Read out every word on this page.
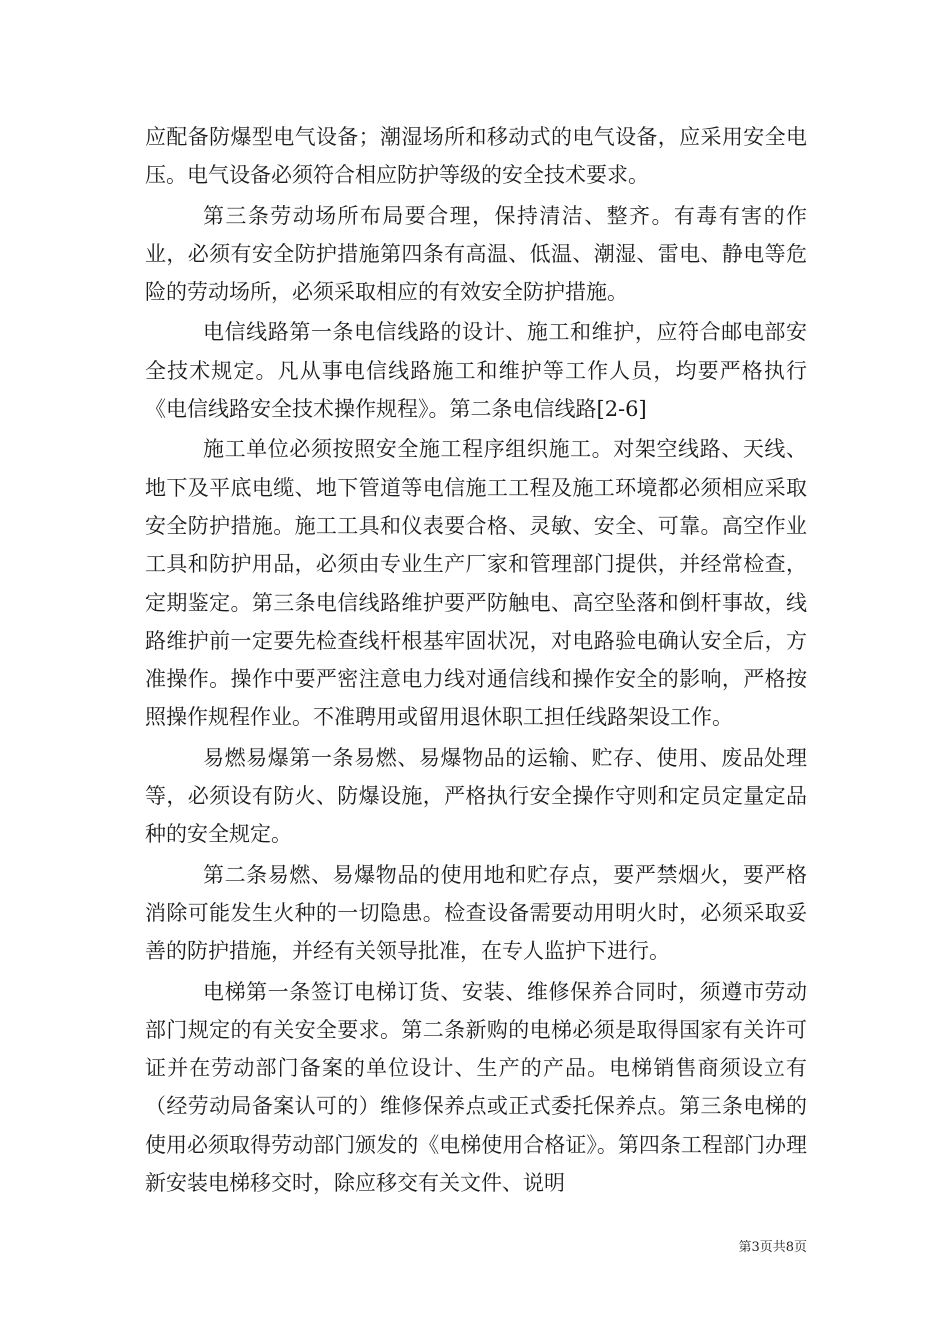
应配备防爆型电气设备；潮湿场所和移动式的电气设备，应采用安全电压。电气设备必须符合相应防护等级的安全技术要求。

第三条劳动场所布局要合理，保持清洁、整齐。有毒有害的作业，必须有安全防护措施第四条有高温、低温、潮湿、雷电、静电等危险的劳动场所，必须采取相应的有效安全防护措施。

电信线路第一条电信线路的设计、施工和维护，应符合邮电部安全技术规定。凡从事电信线路施工和维护等工作人员，均要严格执行《电信线路安全技术操作规程》。第二条电信线路[2-6]

施工单位必须按照安全施工程序组织施工。对架空线路、天线、地下及平底电缆、地下管道等电信施工工程及施工环境都必须相应采取安全防护措施。施工工具和仪表要合格、灵敏、安全、可靠。高空作业工具和防护用品，必须由专业生产厂家和管理部门提供，并经常检查，定期鉴定。第三条电信线路维护要严防触电、高空坠落和倒杆事故，线路维护前一定要先检查线杆根基牢固状况，对电路验电确认安全后，方准操作。操作中要严密注意电力线对通信线和操作安全的影响，严格按照操作规程作业。不准聘用或留用退休职工担任线路架设工作。

易燃易爆第一条易燃、易爆物品的运输、贮存、使用、废品处理等，必须设有防火、防爆设施，严格执行安全操作守则和定员定量定品种的安全规定。

第二条易燃、易爆物品的使用地和贮存点，要严禁烟火，要严格消除可能发生火种的一切隐患。检查设备需要动用明火时，必须采取妥善的防护措施，并经有关领导批准，在专人监护下进行。

电梯第一条签订电梯订货、安装、维修保养合同时，须遵市劳动部门规定的有关安全要求。第二条新购的电梯必须是取得国家有关许可证并在劳动部门备案的单位设计、生产的产品。电梯销售商须设立有（经劳动局备案认可的）维修保养点或正式委托保养点。第三条电梯的使用必须取得劳动部门颁发的《电梯使用合格证》。第四条工程部门办理新安装电梯移交时，除应移交有关文件、说明

第3页共8页
